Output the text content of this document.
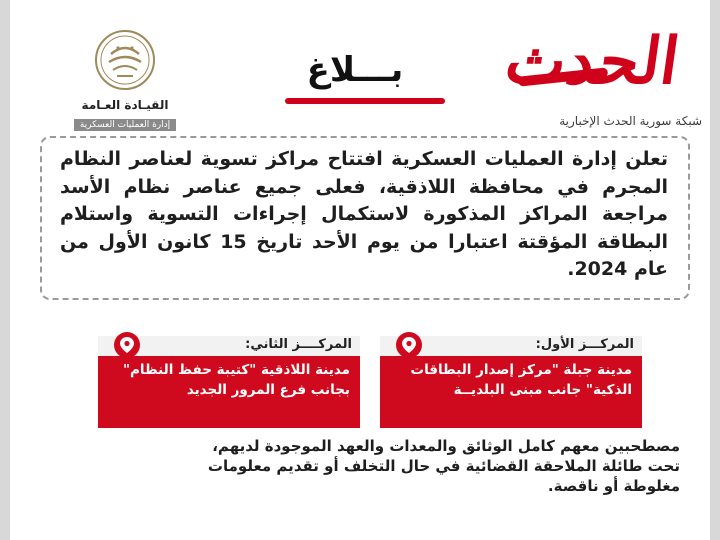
القيـادة العـامة
إدارة العمليات العسكرية
بـــلاغ	الحدث
شبكة سورية الحدث الإخبارية
تعلن إدارة العمليات العسكرية افتتاح مراكز تسوية لعناصر النظام المجرم في محافظة اللاذقية، فعلى جميع عناصر نظام الأسد مراجعة المراكز المذكورة لاستكمال إجراءات التسوية واستلام البطاقة المؤقتة اعتبارا من يوم الأحد تاريخ 15 كانون الأول من عام 2024.
المركـــز الأول:
مدينة جبلة "مركز إصدار البطاقات الذكية" جانب مبنى البلديــة
المركــــز الثاني:
مدينة اللاذقية "كتيبة حفظ النظام" بجانب فرع المرور الجديد
مصطحبين معهم كامل الوثائق والمعدات والعهد الموجودة لديهم، تحت طائلة الملاحقة القضائية في حال التخلف أو تقديم معلومات مغلوطة أو ناقصة.
